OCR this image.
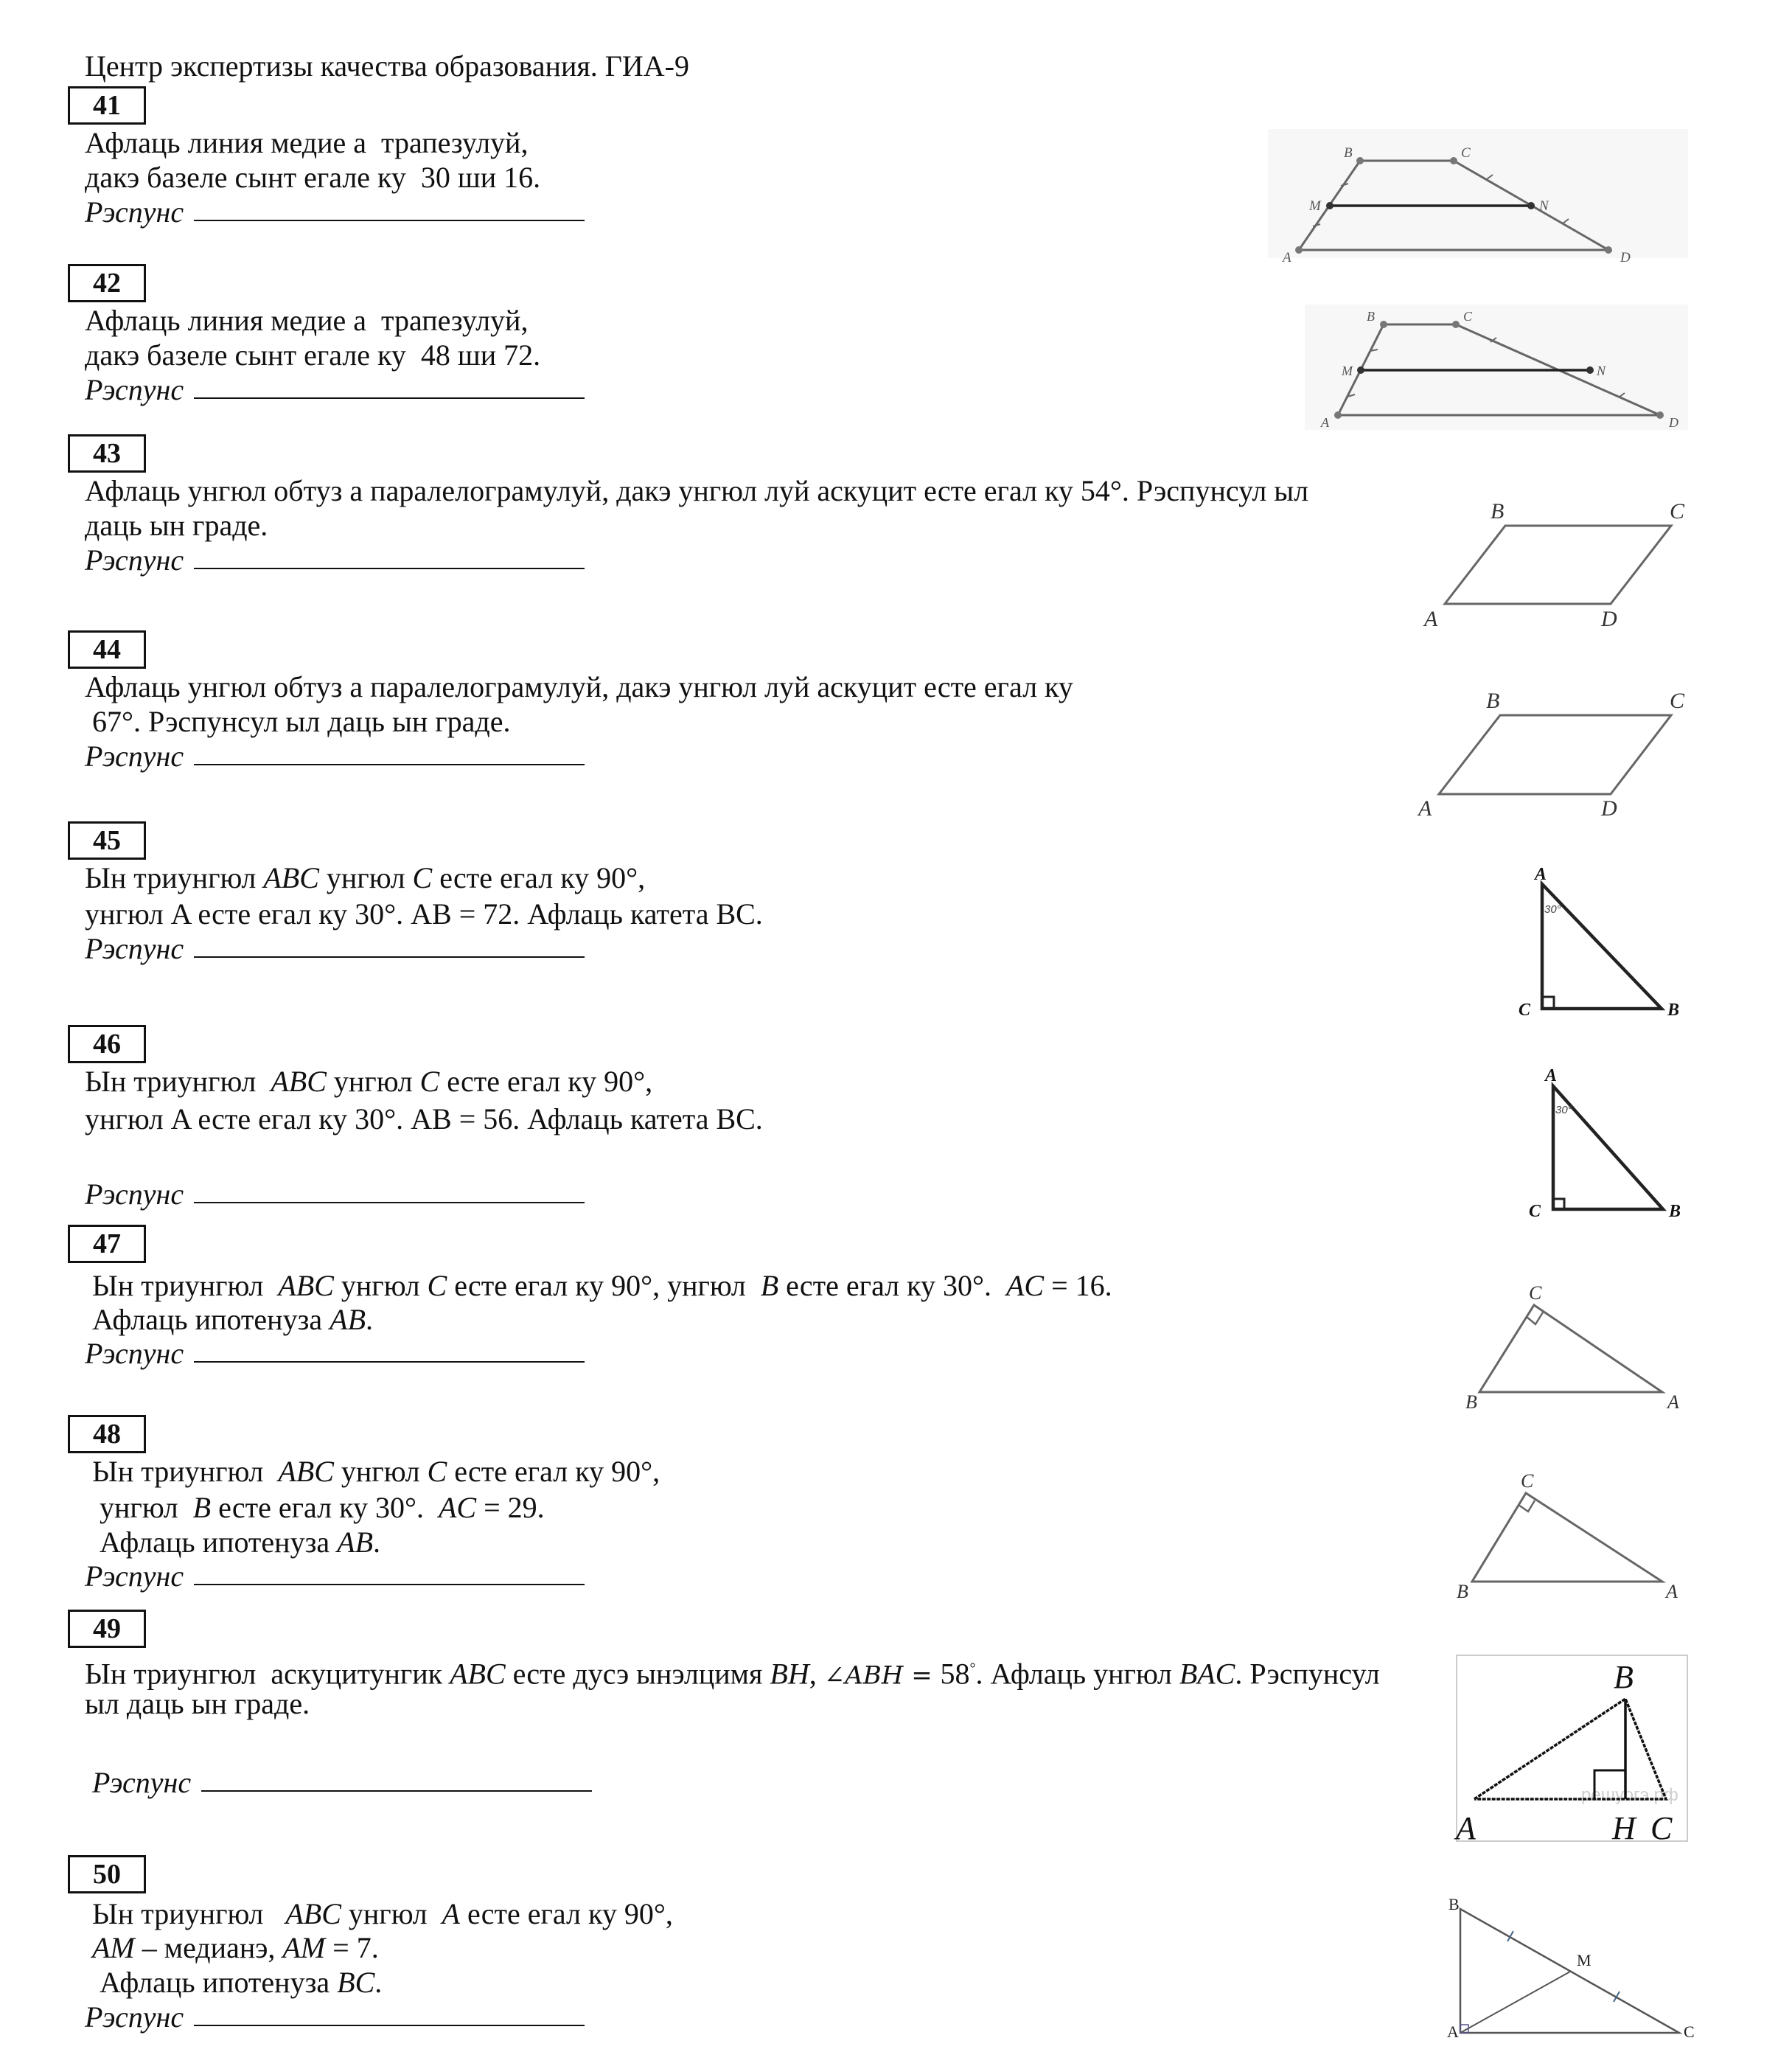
Центр экспертизы качества образования. ГИА-9
41
Афлаць линия медие а  трапезулуй,
дакэ базеле сынт егале ку  30 ши 16.
Рэспунс
A
B	C
D
M	N
42
Афлаць линия медие а  трапезулуй,
дакэ базеле сынт егале ку  48 ши 72.
Рэспунс
A
B	C
D
M	N
43
Афлаць унгюл обтуз а паралелограмулуй, дакэ унгюл луй аскуцит есте егал ку 54°. Рэспунсул ыл
даць ын граде.
Рэспунс
A
B	C
D
44
Афлаць унгюл обтуз а паралелограмулуй, дакэ унгюл луй аскуцит есте егал ку
67°. Рэспунсул ыл даць ын граде.
Рэспунс
A
B	C
D
45
Ын триунгюл ABC унгюл C есте егал ку 90°,
унгюл A есте егал ку 30°. AB = 72. Афлаць катета BC.
Рэспунс
A
B
C
30°
46
Ын триунгюл  ABC унгюл C есте егал ку 90°,
унгюл A есте егал ку 30°. AB = 56. Афлаць катета BC.
Рэспунс
A
B
C
30°
47
Ын триунгюл  ABC унгюл C есте егал ку 90°, унгюл  B есте егал ку 30°.  AC = 16.
Афлаць ипотенуза AB.
Рэспунс
B	A
C
48
Ын триунгюл  ABC унгюл C есте егал ку 90°,
унгюл  B есте егал ку 30°.  AC = 29.
Афлаць ипотенуза AB.
Рэспунс	B	A
C
49
Ын триунгюл  аскуцитунгик ABC есте дусэ ынэлцимя BH, ∠ABH = 58°. Афлаць унгюл BAC. Рэспунсул
ыл даць ын граде.
Рэспунс	решуогэ.рф
A
B
H C
50
Ын триунгюл   ABC унгюл  A есте егал ку 90°,
AM – медианэ, AM = 7.
Афлаць ипотенуза BC.
Рэспунс	A
B
C
M
